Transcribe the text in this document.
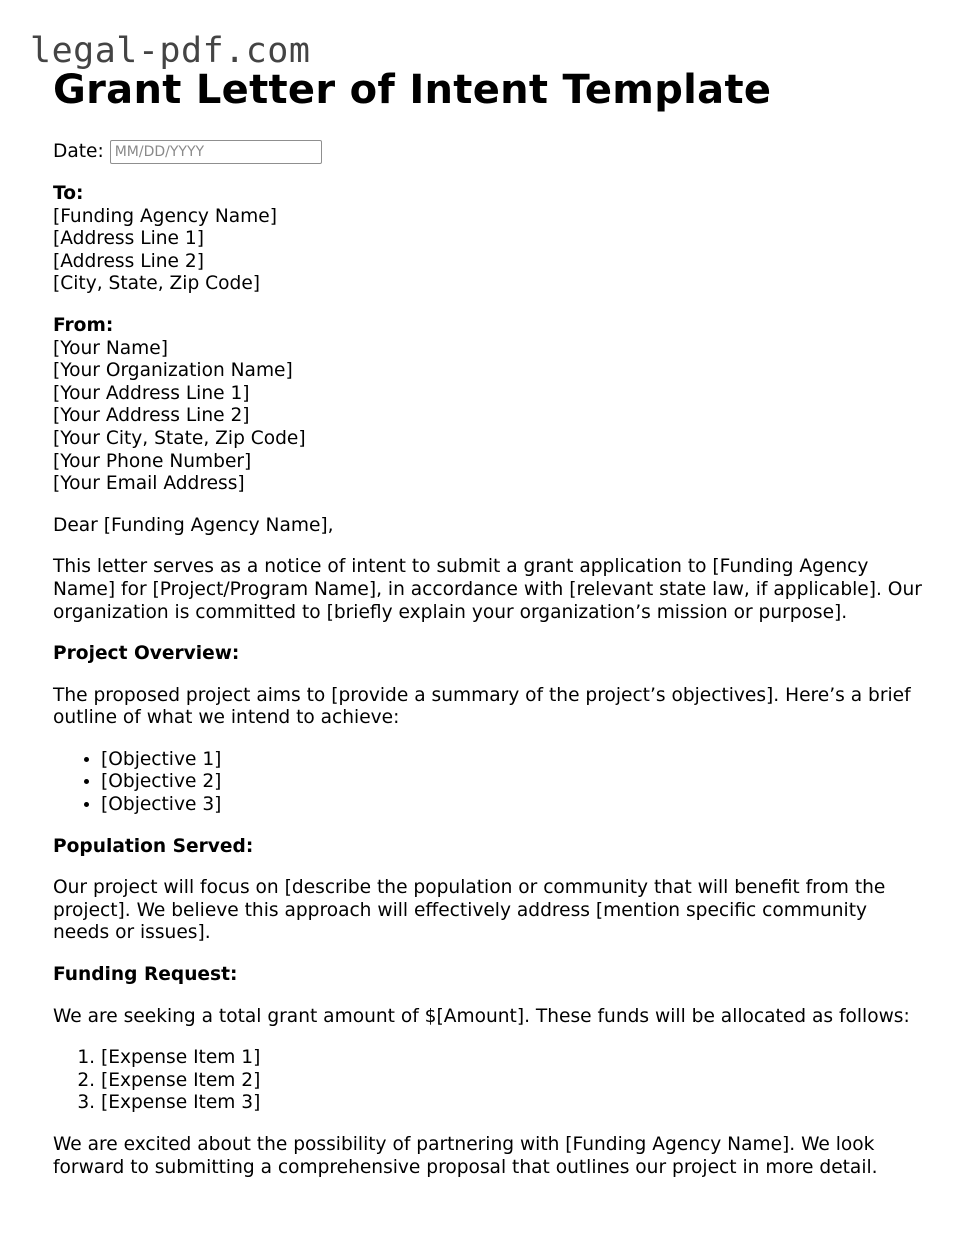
legal-pdf.com
Grant Letter of Intent Template
Date:
MM/DD/YYYY

To:

[Funding Agency Name]

[Address Line 1]

[Address Line 2]

[City, State, Zip Code]

From:

[Your Name]

[Your Organization Name]

[Your Address Line 1]

[Your Address Line 2]

[Your City, State, Zip Code]

[Your Phone Number]

[Your Email Address]

Dear [Funding Agency Name],

This letter serves as a notice of intent to submit a grant application to [Funding Agency Name] for [Project/Program Name], in accordance with [relevant state law, if applicable]. Our organization is committed to [briefly explain your organization’s mission or purpose].

Project Overview:

The proposed project aims to [provide a summary of the project’s objectives]. Here’s a brief outline of what we intend to achieve:

• [Objective 1]
• [Objective 2]
• [Objective 3]

Population Served:

Our project will focus on [describe the population or community that will benefit from the project]. We believe this approach will effectively address [mention specific community needs or issues].

Funding Request:

We are seeking a total grant amount of $[Amount]. These funds will be allocated as follows:

1. [Expense Item 1]
2. [Expense Item 2]
3. [Expense Item 3]

We are excited about the possibility of partnering with [Funding Agency Name]. We look forward to submitting a comprehensive proposal that outlines our project in more detail.
